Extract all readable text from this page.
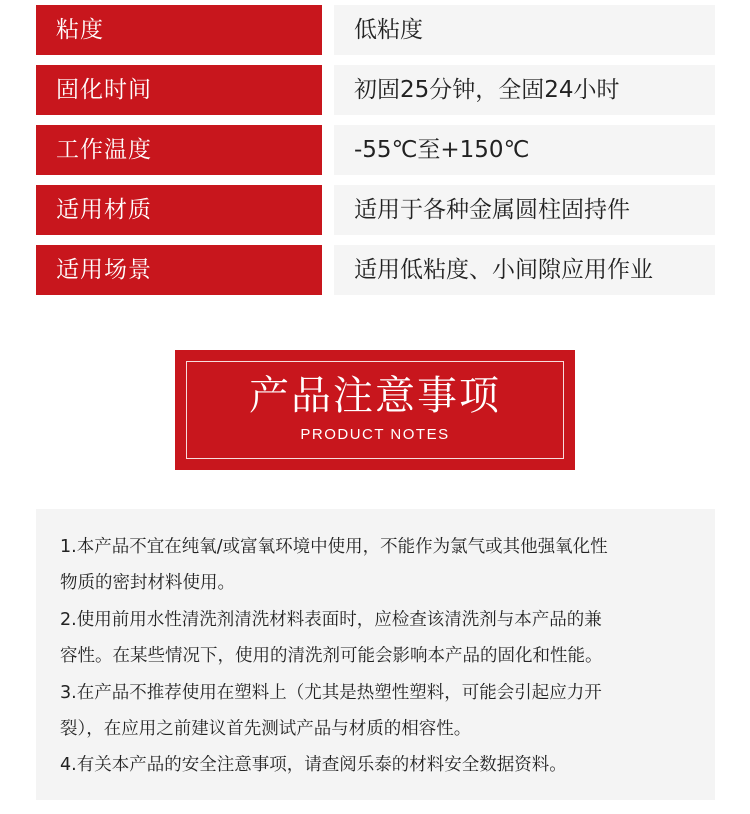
粘度	低粘度
固化时间	初固25分钟，全固24小时
工作温度	-55℃至+150℃
适用材质	适用于各种金属圆柱固持件
适用场景	适用低粘度、小间隙应用作业
产品注意事项
PRODUCT NOTES
1.本产品不宜在纯氧/或富氧环境中使用，不能作为氯气或其他强氧化性
物质的密封材料使用。
2.使用前用水性清洗剂清洗材料表面时，应检查该清洗剂与本产品的兼
容性。在某些情况下，使用的清洗剂可能会影响本产品的固化和性能。
3.在产品不推荐使用在塑料上（尤其是热塑性塑料，可能会引起应力开
裂），在应用之前建议首先测试产品与材质的相容性。
4.有关本产品的安全注意事项，请查阅乐泰的材料安全数据资料。
